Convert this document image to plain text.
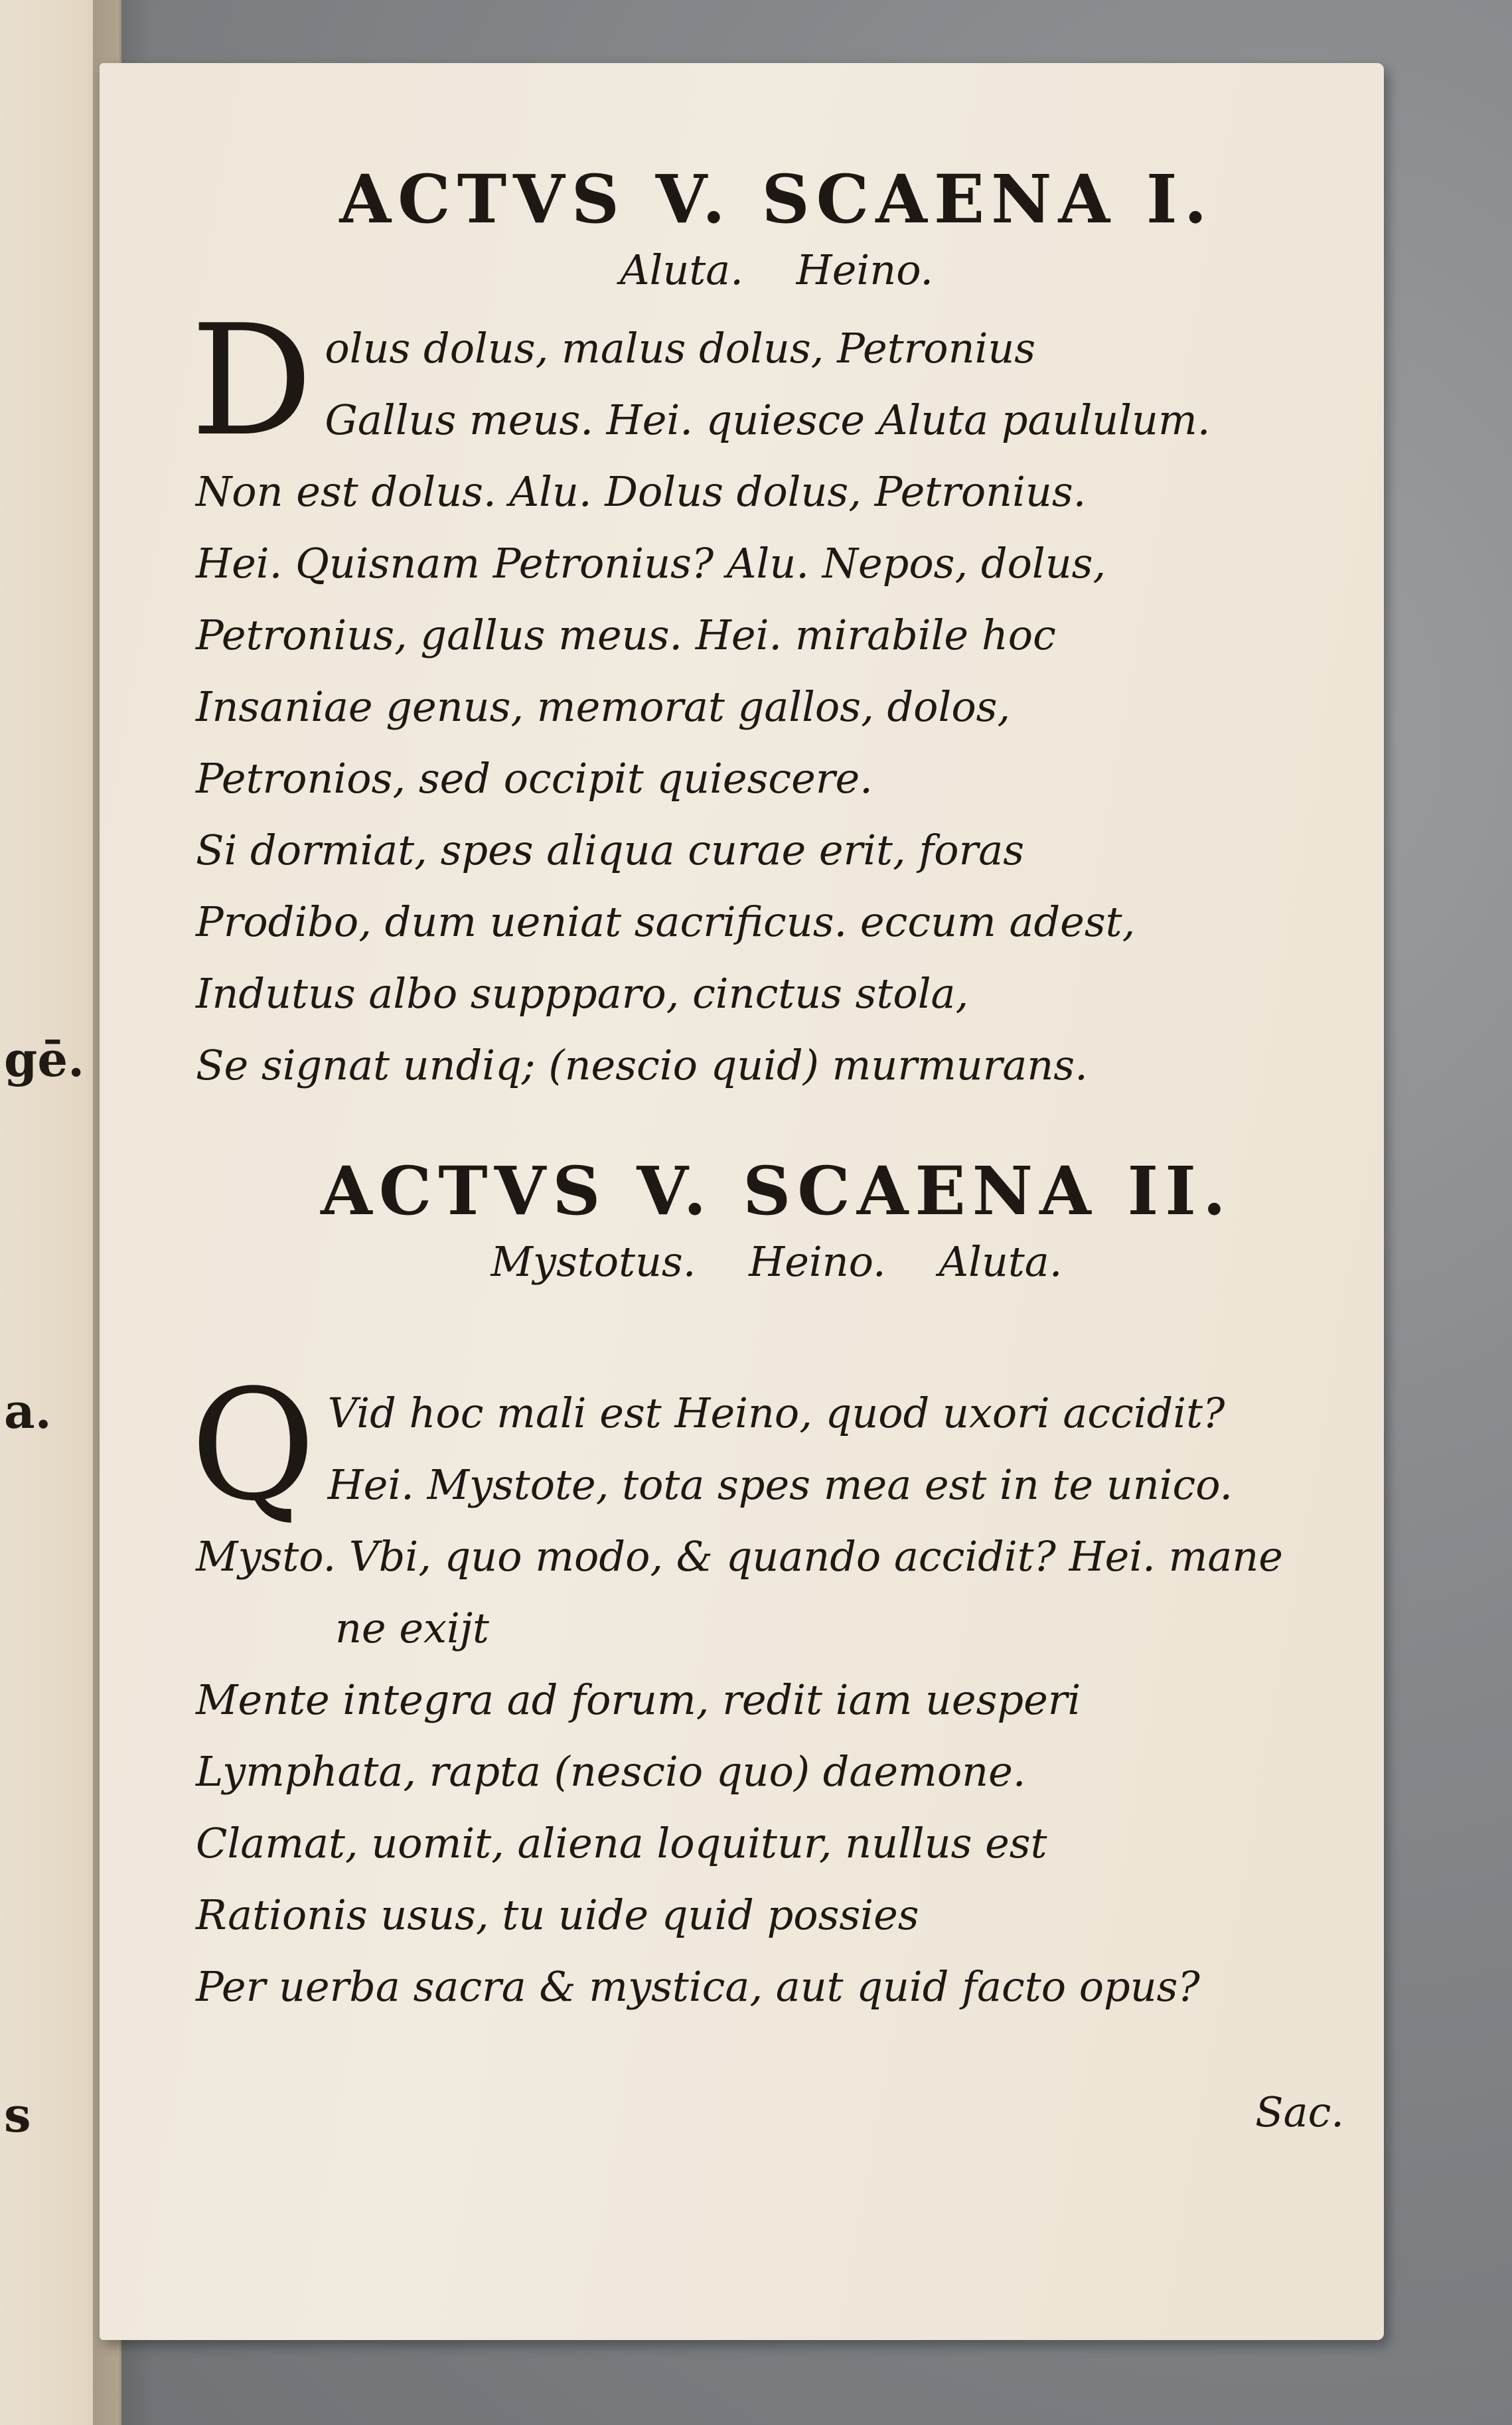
gē.
a.
s
ACTVS V. SCAENA I.
Aluta. Heino.
D olus dolus, malus dolus, Petronius
Gallus meus. Hei. quiesce Aluta paululum.
Non est dolus. Alu. Dolus dolus, Petronius.
Hei. Quisnam Petronius? Alu. Nepos, dolus,
Petronius, gallus meus. Hei. mirabile hoc
Insaniae genus, memorat gallos, dolos,
Petronios, sed occipit quiescere.
Si dormiat, spes aliqua curae erit, foras
Prodibo, dum ueniat sacrificus. eccum adest,
Indutus albo suppparo, cinctus stola,
Se signat undiq; (nescio quid) murmurans.
ACTVS V. SCAENA II.
Mystotus. Heino. Aluta.
Q Vid hoc mali est Heino, quod uxori accidit?
Hei. Mystote, tota spes mea est in te unico.
Mysto. Vbi, quo modo, & quando accidit? Hei. mane
ne exijt
Mente integra ad forum, redit iam uesperi
Lymphata, rapta (nescio quo) daemone.
Clamat, uomit, aliena loquitur, nullus est
Rationis usus, tu uide quid possies
Per uerba sacra & mystica, aut quid facto opus?
Sac.
